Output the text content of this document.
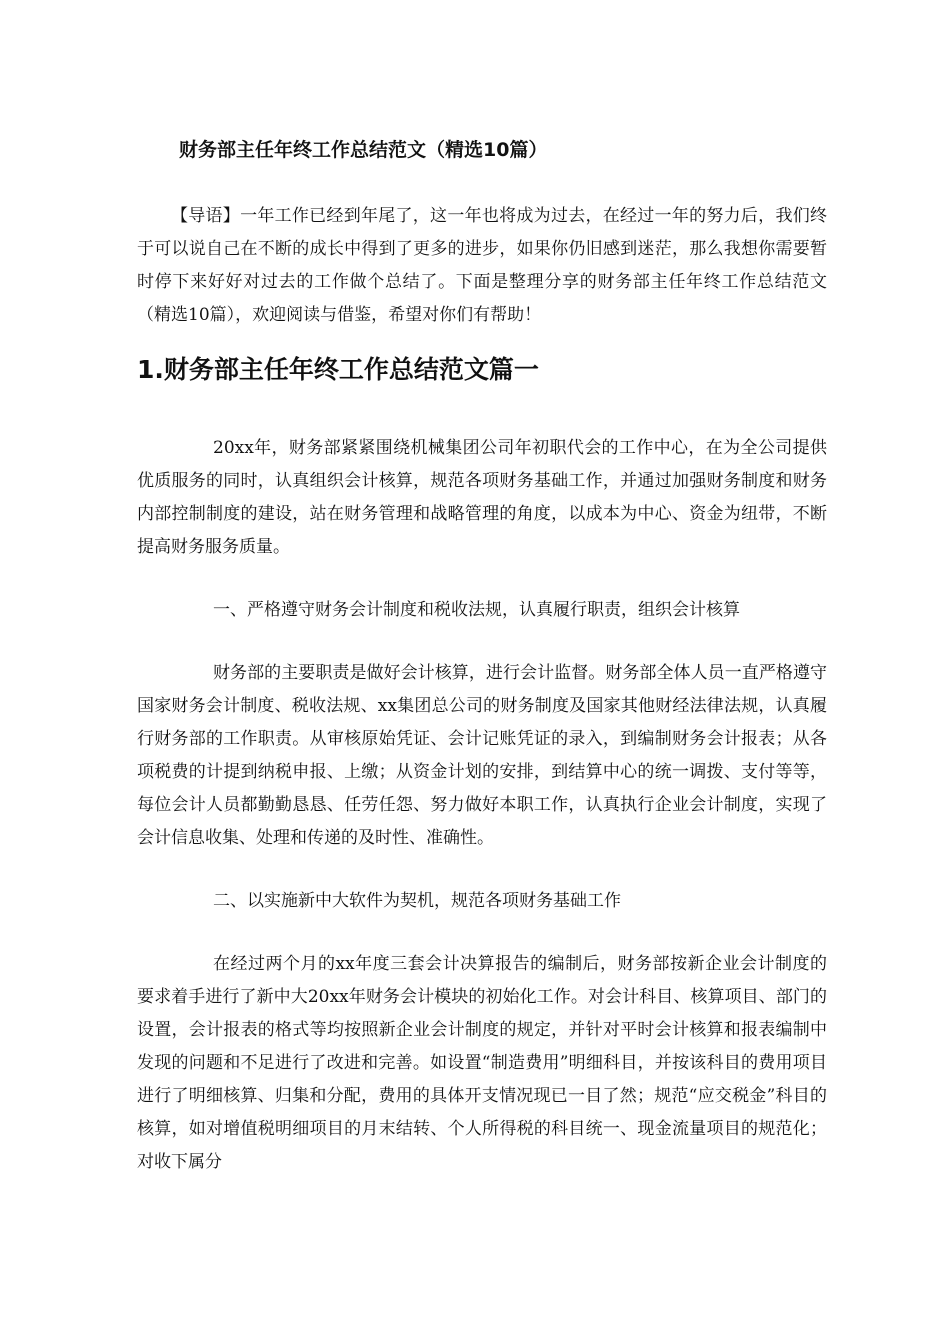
财务部主任年终工作总结范文（精选10篇）

【导语】一年工作已经到年尾了，这一年也将成为过去，在经过一年的努力后，我们终于可以说自己在不断的成长中得到了更多的进步，如果你仍旧感到迷茫，那么我想你需要暂时停下来好好对过去的工作做个总结了。下面是整理分享的财务部主任年终工作总结范文（精选10篇），欢迎阅读与借鉴，希望对你们有帮助！

1.财务部主任年终工作总结范文篇一

20xx年，财务部紧紧围绕机械集团公司年初职代会的工作中心，在为全公司提供优质服务的同时，认真组织会计核算，规范各项财务基础工作，并通过加强财务制度和财务内部控制制度的建设，站在财务管理和战略管理的角度，以成本为中心、资金为纽带，不断提高财务服务质量。

一、严格遵守财务会计制度和税收法规，认真履行职责，组织会计核算

财务部的主要职责是做好会计核算，进行会计监督。财务部全体人员一直严格遵守国家财务会计制度、税收法规、xx集团总公司的财务制度及国家其他财经法律法规，认真履行财务部的工作职责。从审核原始凭证、会计记账凭证的录入，到编制财务会计报表；从各项税费的计提到纳税申报、上缴；从资金计划的安排，到结算中心的统一调拨、支付等等，每位会计人员都勤勤恳恳、任劳任怨、努力做好本职工作，认真执行企业会计制度，实现了会计信息收集、处理和传递的及时性、准确性。

二、以实施新中大软件为契机，规范各项财务基础工作

在经过两个月的xx年度三套会计决算报告的编制后，财务部按新企业会计制度的要求着手进行了新中大20xx年财务会计模块的初始化工作。对会计科目、核算项目、部门的设置，会计报表的格式等均按照新企业会计制度的规定，并针对平时会计核算和报表编制中发现的问题和不足进行了改进和完善。如设置“制造费用”明细科目，并按该科目的费用项目进行了明细核算、归集和分配，费用的具体开支情况现已一目了然；规范“应交税金”科目的核算，如对增值税明细项目的月末结转、个人所得税的科目统一、现金流量项目的规范化；对收下属分
